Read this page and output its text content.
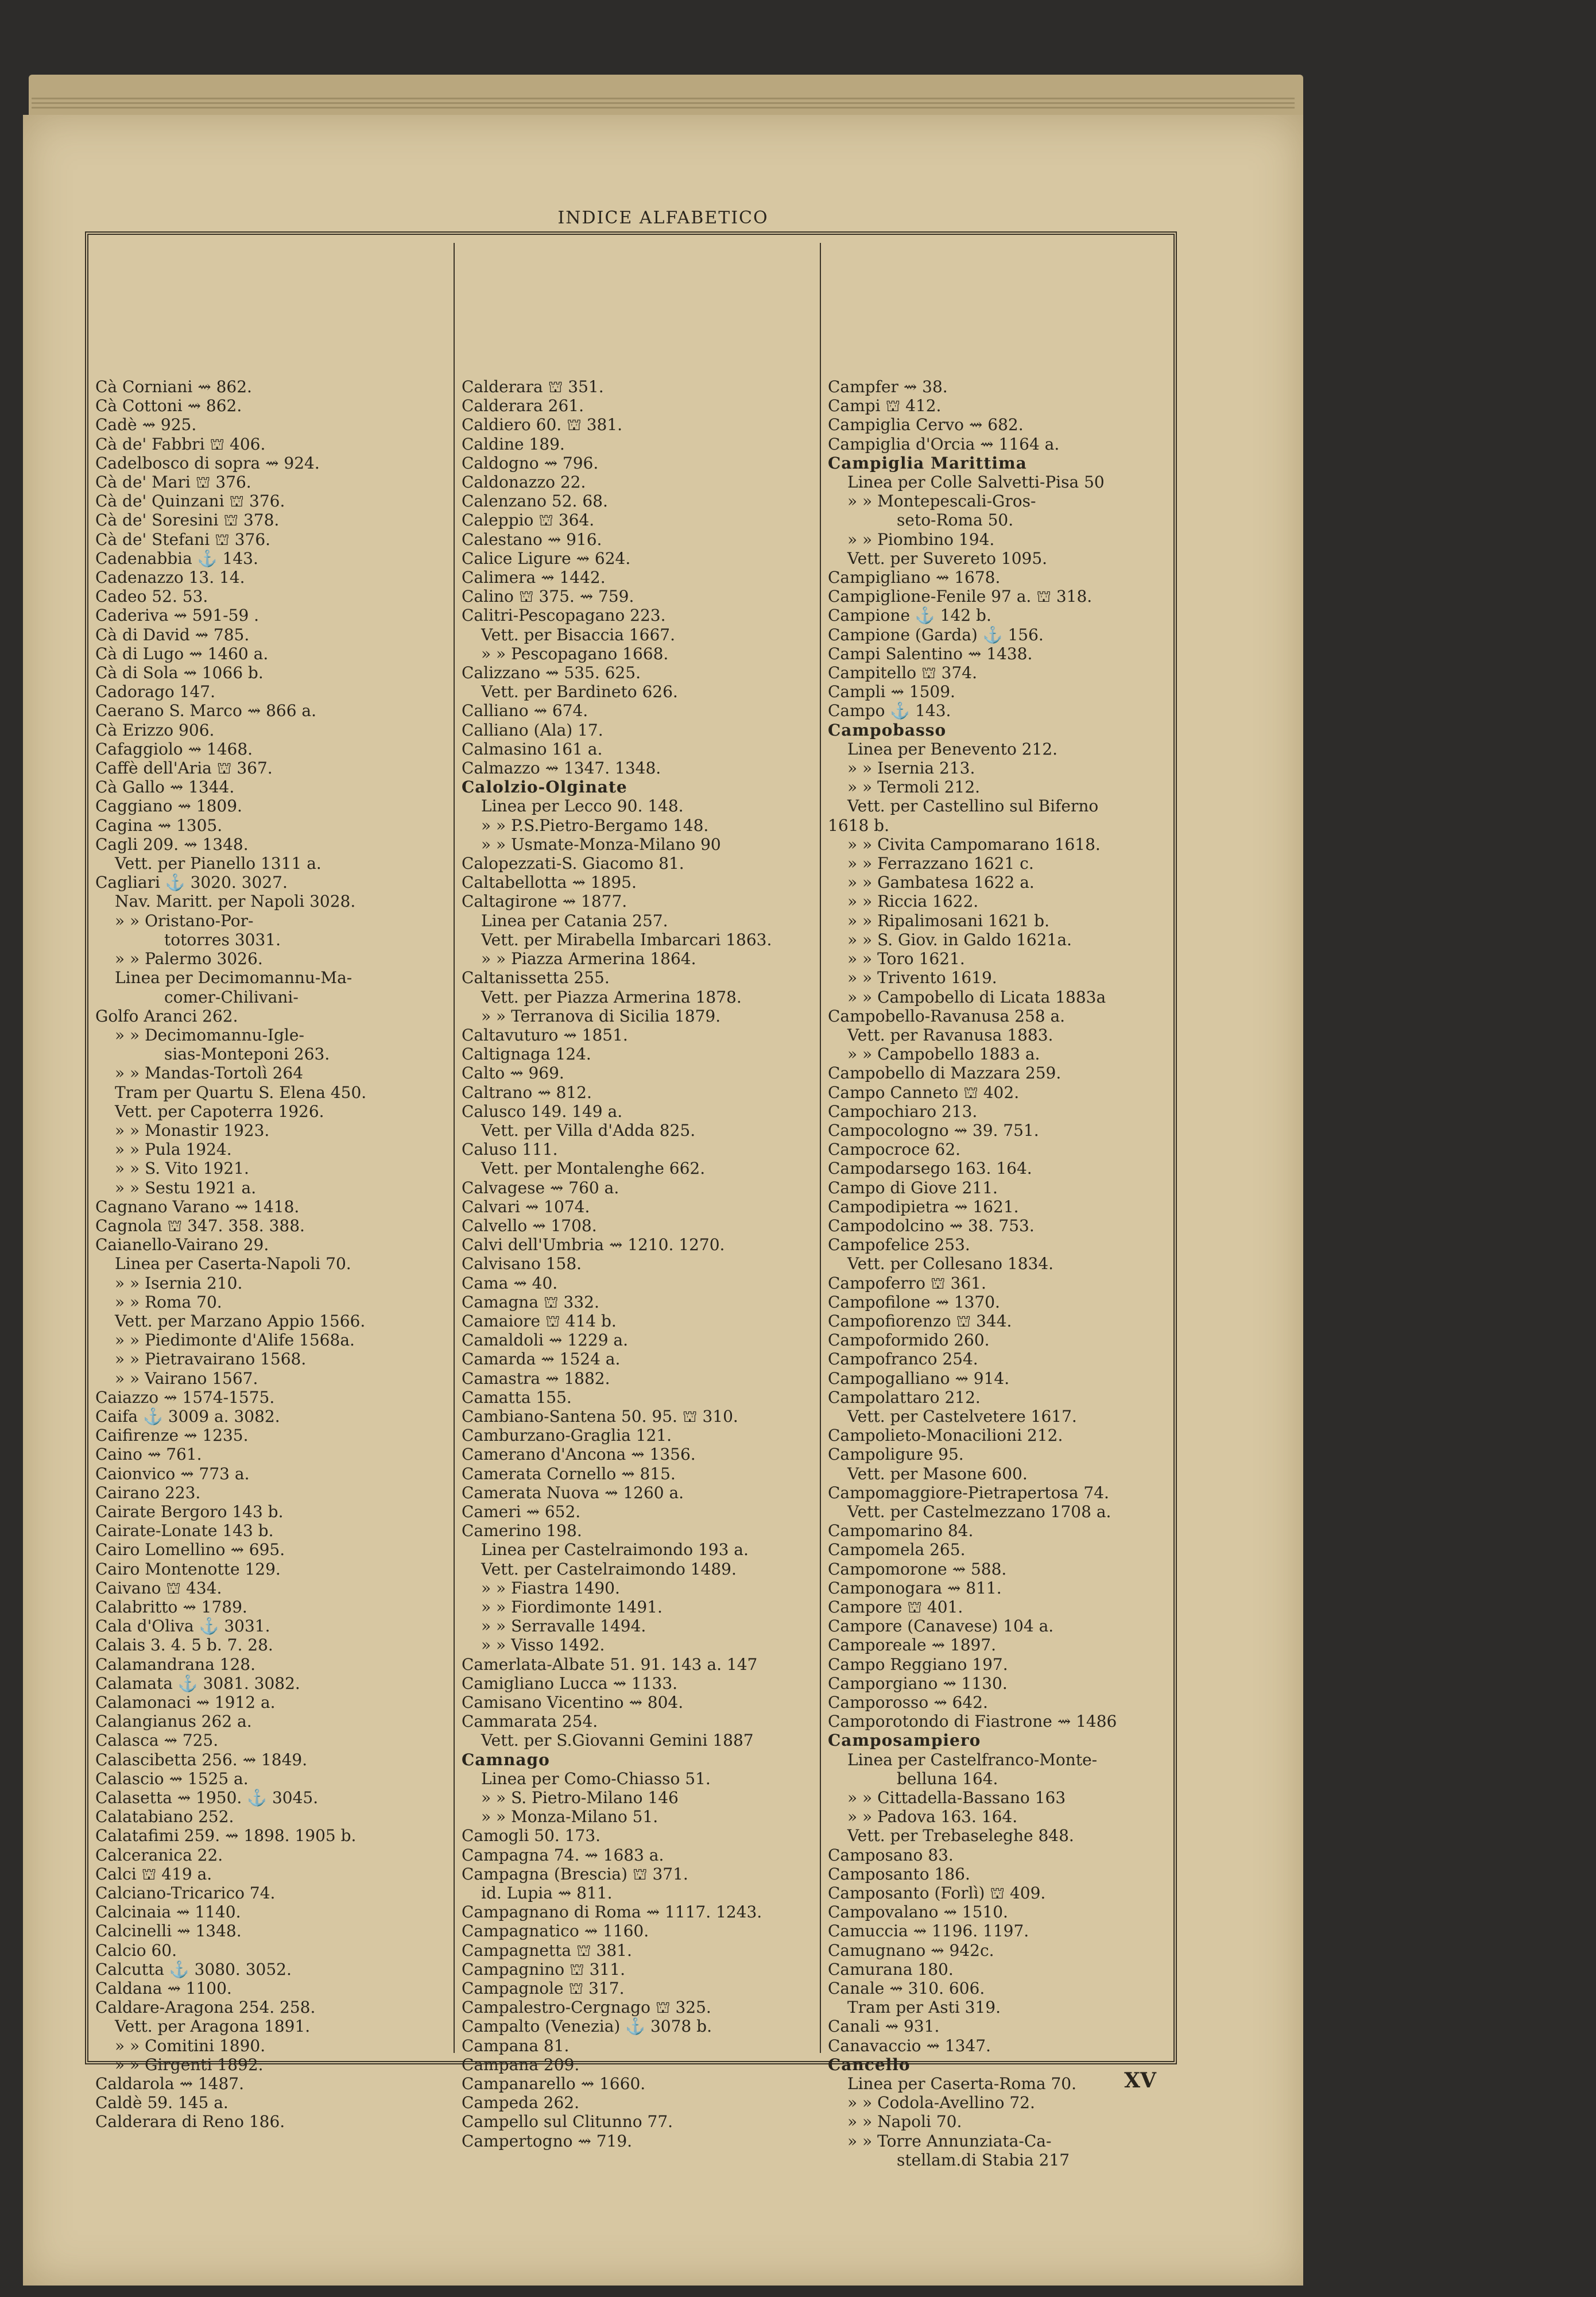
INDICE ALFABETICO
Cà Corniani ⇝ 862.
Cà Cottoni ⇝ 862.
Cadè ⇝ 925.
Cà de' Fabbri ⛫ 406.
Cadelbosco di sopra ⇝ 924.
Cà de' Mari ⛫ 376.
Cà de' Quinzani ⛫ 376.
Cà de' Soresini ⛫ 378.
Cà de' Stefani ⛫ 376.
Cadenabbia ⚓ 143.
Cadenazzo 13. 14.
Cadeo 52. 53.
Caderiva ⇝ 591-59 .
Cà di David ⇝ 785.
Cà di Lugo ⇝ 1460 a.
Cà di Sola ⇝ 1066 b.
Cadorago 147.
Caerano S. Marco ⇝ 866 a.
Cà Erizzo 906.
Cafaggiolo ⇝ 1468.
Caffè dell'Aria ⛫ 367.
Cà Gallo ⇝ 1344.
Caggiano ⇝ 1809.
Cagina ⇝ 1305.
Cagli 209. ⇝ 1348.
Vett. per Pianello 1311 a.
Cagliari ⚓ 3020. 3027.
Nav. Maritt. per Napoli 3028.
» » Oristano-Por-
totorres 3031.
» » Palermo 3026.
Linea per Decimomannu-Ma-
comer-Chilivani-
Golfo Aranci 262.
» » Decimomannu-Igle-
sias-Monteponi 263.
» » Mandas-Tortolì 264
Tram per Quartu S. Elena 450.
Vett. per Capoterra 1926.
» » Monastir 1923.
» » Pula 1924.
» » S. Vito 1921.
» » Sestu 1921 a.
Cagnano Varano ⇝ 1418.
Cagnola ⛫ 347. 358. 388.
Caianello-Vairano 29.
Linea per Caserta-Napoli 70.
» » Isernia 210.
» » Roma 70.
Vett. per Marzano Appio 1566.
» » Piedimonte d'Alife 1568a.
» » Pietravairano 1568.
» » Vairano 1567.
Caiazzo ⇝ 1574-1575.
Caifa ⚓ 3009 a. 3082.
Caifirenze ⇝ 1235.
Caino ⇝ 761.
Caionvico ⇝ 773 a.
Cairano 223.
Cairate Bergoro 143 b.
Cairate-Lonate 143 b.
Cairo Lomellino ⇝ 695.
Cairo Montenotte 129.
Caivano ⛫ 434.
Calabritto ⇝ 1789.
Cala d'Oliva ⚓ 3031.
Calais 3. 4. 5 b. 7. 28.
Calamandrana 128.
Calamata ⚓ 3081. 3082.
Calamonaci ⇝ 1912 a.
Calangianus 262 a.
Calasca ⇝ 725.
Calascibetta 256. ⇝ 1849.
Calascio ⇝ 1525 a.
Calasetta ⇝ 1950. ⚓ 3045.
Calatabiano 252.
Calatafimi 259. ⇝ 1898. 1905 b.
Calceranica 22.
Calci ⛫ 419 a.
Calciano-Tricarico 74.
Calcinaia ⇝ 1140.
Calcinelli ⇝ 1348.
Calcio 60.
Calcutta ⚓ 3080. 3052.
Caldana ⇝ 1100.
Caldare-Aragona 254. 258.
Vett. per Aragona 1891.
» » Comitini 1890.
» » Girgenti 1892.
Caldarola ⇝ 1487.
Caldè 59. 145 a.
Calderara di Reno 186.
Calderara ⛫ 351.
Calderara 261.
Caldiero 60. ⛫ 381.
Caldine 189.
Caldogno ⇝ 796.
Caldonazzo 22.
Calenzano 52. 68.
Caleppio ⛫ 364.
Calestano ⇝ 916.
Calice Ligure ⇝ 624.
Calimera ⇝ 1442.
Calino ⛫ 375. ⇝ 759.
Calitri-Pescopagano 223.
Vett. per Bisaccia 1667.
» » Pescopagano 1668.
Calizzano ⇝ 535. 625.
Vett. per Bardineto 626.
Calliano ⇝ 674.
Calliano (Ala) 17.
Calmasino 161 a.
Calmazzo ⇝ 1347. 1348.
Calolzio-Olginate
Linea per Lecco 90. 148.
» » P.S.Pietro-Bergamo 148.
» » Usmate-Monza-Milano 90
Calopezzati-S. Giacomo 81.
Caltabellotta ⇝ 1895.
Caltagirone ⇝ 1877.
Linea per Catania 257.
Vett. per Mirabella Imbarcari 1863.
» » Piazza Armerina 1864.
Caltanissetta 255.
Vett. per Piazza Armerina 1878.
» » Terranova di Sicilia 1879.
Caltavuturo ⇝ 1851.
Caltignaga 124.
Calto ⇝ 969.
Caltrano ⇝ 812.
Calusco 149. 149 a.
Vett. per Villa d'Adda 825.
Caluso 111.
Vett. per Montalenghe 662.
Calvagese ⇝ 760 a.
Calvari ⇝ 1074.
Calvello ⇝ 1708.
Calvi dell'Umbria ⇝ 1210. 1270.
Calvisano 158.
Cama ⇝ 40.
Camagna ⛫ 332.
Camaiore ⛫ 414 b.
Camaldoli ⇝ 1229 a.
Camarda ⇝ 1524 a.
Camastra ⇝ 1882.
Camatta 155.
Cambiano-Santena 50. 95. ⛫ 310.
Camburzano-Graglia 121.
Camerano d'Ancona ⇝ 1356.
Camerata Cornello ⇝ 815.
Camerata Nuova ⇝ 1260 a.
Cameri ⇝ 652.
Camerino 198.
Linea per Castelraimondo 193 a.
Vett. per Castelraimondo 1489.
» » Fiastra 1490.
» » Fiordimonte 1491.
» » Serravalle 1494.
» » Visso 1492.
Camerlata-Albate 51. 91. 143 a. 147
Camigliano Lucca ⇝ 1133.
Camisano Vicentino ⇝ 804.
Cammarata 254.
Vett. per S.Giovanni Gemini 1887
Camnago
Linea per Como-Chiasso 51.
» » S. Pietro-Milano 146
» » Monza-Milano 51.
Camogli 50. 173.
Campagna 74. ⇝ 1683 a.
Campagna (Brescia) ⛫ 371.
id. Lupia ⇝ 811.
Campagnano di Roma ⇝ 1117. 1243.
Campagnatico ⇝ 1160.
Campagnetta ⛫ 381.
Campagnino ⛫ 311.
Campagnole ⛫ 317.
Campalestro-Cergnago ⛫ 325.
Campalto (Venezia) ⚓ 3078 b.
Campana 81.
Campana 209.
Campanarello ⇝ 1660.
Campeda 262.
Campello sul Clitunno 77.
Campertogno ⇝ 719.
Campfer ⇝ 38.
Campi ⛫ 412.
Campiglia Cervo ⇝ 682.
Campiglia d'Orcia ⇝ 1164 a.
Campiglia Marittima
Linea per Colle Salvetti-Pisa 50
» » Montepescali-Gros-
seto-Roma 50.
» » Piombino 194.
Vett. per Suvereto 1095.
Campigliano ⇝ 1678.
Campiglione-Fenile 97 a. ⛫ 318.
Campione ⚓ 142 b.
Campione (Garda) ⚓ 156.
Campi Salentino ⇝ 1438.
Campitello ⛫ 374.
Campli ⇝ 1509.
Campo ⚓ 143.
Campobasso
Linea per Benevento 212.
» » Isernia 213.
» » Termoli 212.
Vett. per Castellino sul Biferno
1618 b.
» » Civita Campomarano 1618.
» » Ferrazzano 1621 c.
» » Gambatesa 1622 a.
» » Riccia 1622.
» » Ripalimosani 1621 b.
» » S. Giov. in Galdo 1621a.
» » Toro 1621.
» » Trivento 1619.
» » Campobello di Licata 1883a
Campobello-Ravanusa 258 a.
Vett. per Ravanusa 1883.
» » Campobello 1883 a.
Campobello di Mazzara 259.
Campo Canneto ⛫ 402.
Campochiaro 213.
Campocologno ⇝ 39. 751.
Campocroce 62.
Campodarsego 163. 164.
Campo di Giove 211.
Campodipietra ⇝ 1621.
Campodolcino ⇝ 38. 753.
Campofelice 253.
Vett. per Collesano 1834.
Campoferro ⛫ 361.
Campofilone ⇝ 1370.
Campofiorenzo ⛫ 344.
Campoformido 260.
Campofranco 254.
Campogalliano ⇝ 914.
Campolattaro 212.
Vett. per Castelvetere 1617.
Campolieto-Monacilioni 212.
Campoligure 95.
Vett. per Masone 600.
Campomaggiore-Pietrapertosa 74.
Vett. per Castelmezzano 1708 a.
Campomarino 84.
Campomela 265.
Campomorone ⇝ 588.
Camponogara ⇝ 811.
Campore ⛫ 401.
Campore (Canavese) 104 a.
Camporeale ⇝ 1897.
Campo Reggiano 197.
Camporgiano ⇝ 1130.
Camporosso ⇝ 642.
Camporotondo di Fiastrone ⇝ 1486
Camposampiero
Linea per Castelfranco-Monte-
belluna 164.
» » Cittadella-Bassano 163
» » Padova 163. 164.
Vett. per Trebaseleghe 848.
Camposano 83.
Camposanto 186.
Camposanto (Forlì) ⛫ 409.
Campovalano ⇝ 1510.
Camuccia ⇝ 1196. 1197.
Camugnano ⇝ 942c.
Camurana 180.
Canale ⇝ 310. 606.
Tram per Asti 319.
Canali ⇝ 931.
Canavaccio ⇝ 1347.
Cancello
Linea per Caserta-Roma 70.
» » Codola-Avellino 72.
» » Napoli 70.
» » Torre Annunziata-Ca-
stellam.di Stabia 217
XV
